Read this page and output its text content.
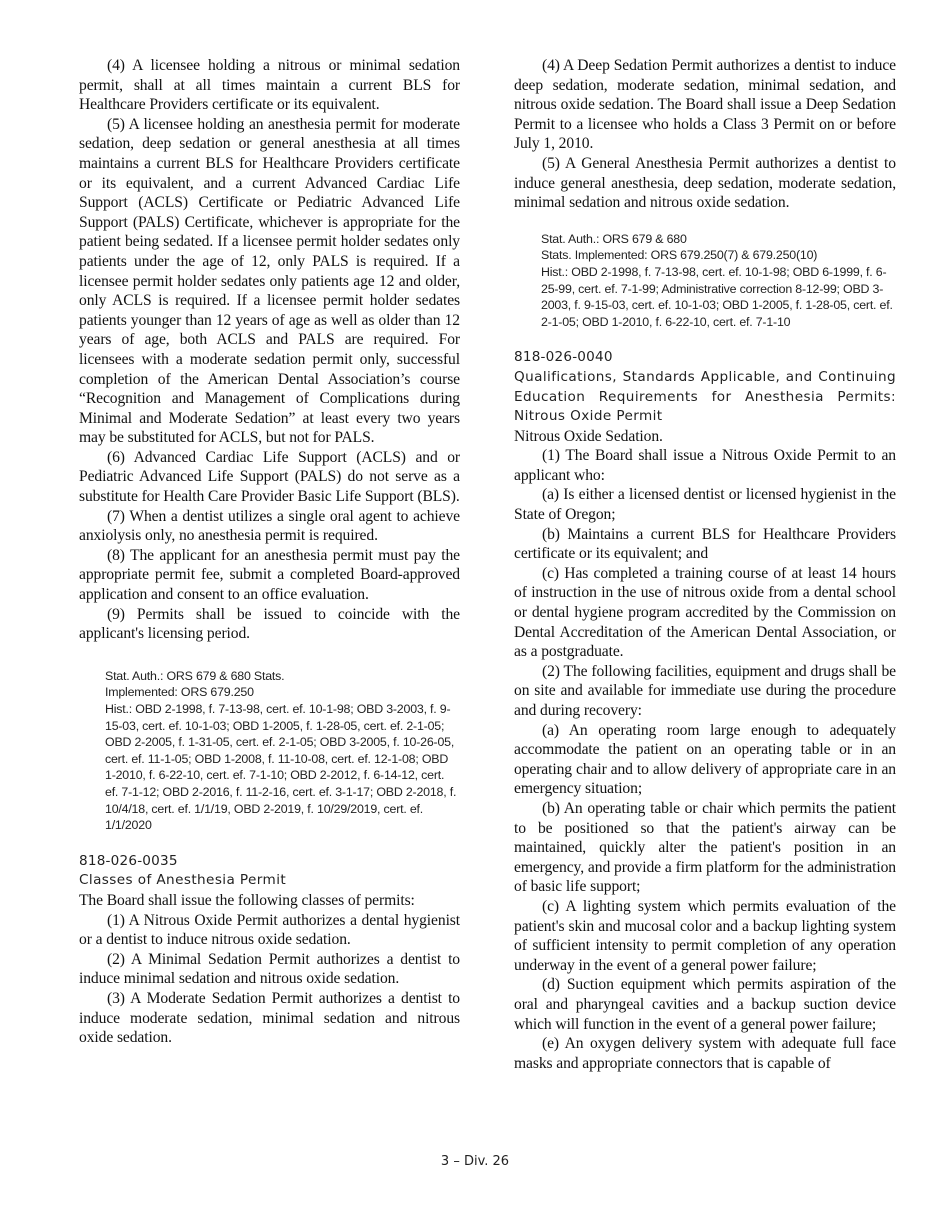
(4) A licensee holding a nitrous or minimal sedation permit, shall at all times maintain a current BLS for Healthcare Providers certificate or its equivalent.

(5) A licensee holding an anesthesia permit for moderate sedation, deep sedation or general anesthesia at all times maintains a current BLS for Healthcare Providers certificate or its equivalent, and a current Advanced Cardiac Life Support (ACLS) Certificate or Pediatric Advanced Life Support (PALS) Certificate, whichever is appropriate for the patient being sedated. If a licensee permit holder sedates only patients under the age of 12, only PALS is required. If a licensee permit holder sedates only patients age 12 and older, only ACLS is required. If a licensee permit holder sedates patients younger than 12 years of age as well as older than 12 years of age, both ACLS and PALS are required. For licensees with a moderate sedation permit only, successful completion of the American Dental Association’s course “Recognition and Management of Complications during Minimal and Moderate Sedation” at least every two years may be substituted for ACLS, but not for PALS.

(6) Advanced Cardiac Life Support (ACLS) and or Pediatric Advanced Life Support (PALS) do not serve as a substitute for Health Care Provider Basic Life Support (BLS).

(7) When a dentist utilizes a single oral agent to achieve anxiolysis only, no anesthesia permit is required.

(8) The applicant for an anesthesia permit must pay the appropriate permit fee, submit a completed Board-approved application and consent to an office evaluation.

(9) Permits shall be issued to coincide with the applicant's licensing period.

Stat. Auth.: ORS 679 & 680 Stats.
Implemented: ORS 679.250
Hist.: OBD 2-1998, f. 7-13-98, cert. ef. 10-1-98; OBD 3-2003, f. 9-15-03, cert. ef. 10-1-03; OBD 1-2005, f. 1-28-05, cert. ef. 2-1-05; OBD 2-2005, f. 1-31-05, cert. ef. 2-1-05; OBD 3-2005, f. 10-26-05, cert. ef. 11-1-05; OBD 1-2008, f. 11-10-08, cert. ef. 12-1-08; OBD 1-2010, f. 6-22-10, cert. ef. 7-1-10; OBD 2-2012, f. 6-14-12, cert. ef. 7-1-12; OBD 2-2016, f. 11-2-16, cert. ef. 3-1-17; OBD 2-2018, f. 10/4/18, cert. ef. 1/1/19, OBD 2-2019, f. 10/29/2019, cert. ef. 1/1/2020
818-026-0035
Classes of Anesthesia Permit

The Board shall issue the following classes of permits:

(1) A Nitrous Oxide Permit authorizes a dental hygienist or a dentist to induce nitrous oxide sedation.

(2) A Minimal Sedation Permit authorizes a dentist to induce minimal sedation and nitrous oxide sedation.

(3) A Moderate Sedation Permit authorizes a dentist to induce moderate sedation, minimal sedation and nitrous oxide sedation.

(4) A Deep Sedation Permit authorizes a dentist to induce deep sedation, moderate sedation, minimal sedation, and nitrous oxide sedation. The Board shall issue a Deep Sedation Permit to a licensee who holds a Class 3 Permit on or before July 1, 2010.

(5) A General Anesthesia Permit authorizes a dentist to induce general anesthesia, deep sedation, moderate sedation, minimal sedation and nitrous oxide sedation.

Stat. Auth.: ORS 679 & 680
Stats. Implemented: ORS 679.250(7) & 679.250(10)
Hist.: OBD 2-1998, f. 7-13-98, cert. ef. 10-1-98; OBD 6-1999, f. 6-25-99, cert. ef. 7-1-99; Administrative correction 8-12-99; OBD 3-2003, f. 9-15-03, cert. ef. 10-1-03; OBD 1-2005, f. 1-28-05, cert. ef. 2-1-05; OBD 1-2010, f. 6-22-10, cert. ef. 7-1-10
818-026-0040
Qualifications, Standards Applicable, and Continuing Education Requirements for Anesthesia Permits: Nitrous Oxide Permit

Nitrous Oxide Sedation.

(1) The Board shall issue a Nitrous Oxide Permit to an applicant who:

(a) Is either a licensed dentist or licensed hygienist in the State of Oregon;

(b) Maintains a current BLS for Healthcare Providers certificate or its equivalent; and

(c) Has completed a training course of at least 14 hours of instruction in the use of nitrous oxide from a dental school or dental hygiene program accredited by the Commission on Dental Accreditation of the American Dental Association, or as a postgraduate.

(2) The following facilities, equipment and drugs shall be on site and available for immediate use during the procedure and during recovery:

(a) An operating room large enough to adequately accommodate the patient on an operating table or in an operating chair and to allow delivery of appropriate care in an emergency situation;

(b) An operating table or chair which permits the patient to be positioned so that the patient's airway can be maintained, quickly alter the patient's position in an emergency, and provide a firm platform for the administration of basic life support;

(c) A lighting system which permits evaluation of the patient's skin and mucosal color and a backup lighting system of sufficient intensity to permit completion of any operation underway in the event of a general power failure;

(d) Suction equipment which permits aspiration of the oral and pharyngeal cavities and a backup suction device which will function in the event of a general power failure;

(e) An oxygen delivery system with adequate full face masks and appropriate connectors that is capable of

3 – Div. 26
